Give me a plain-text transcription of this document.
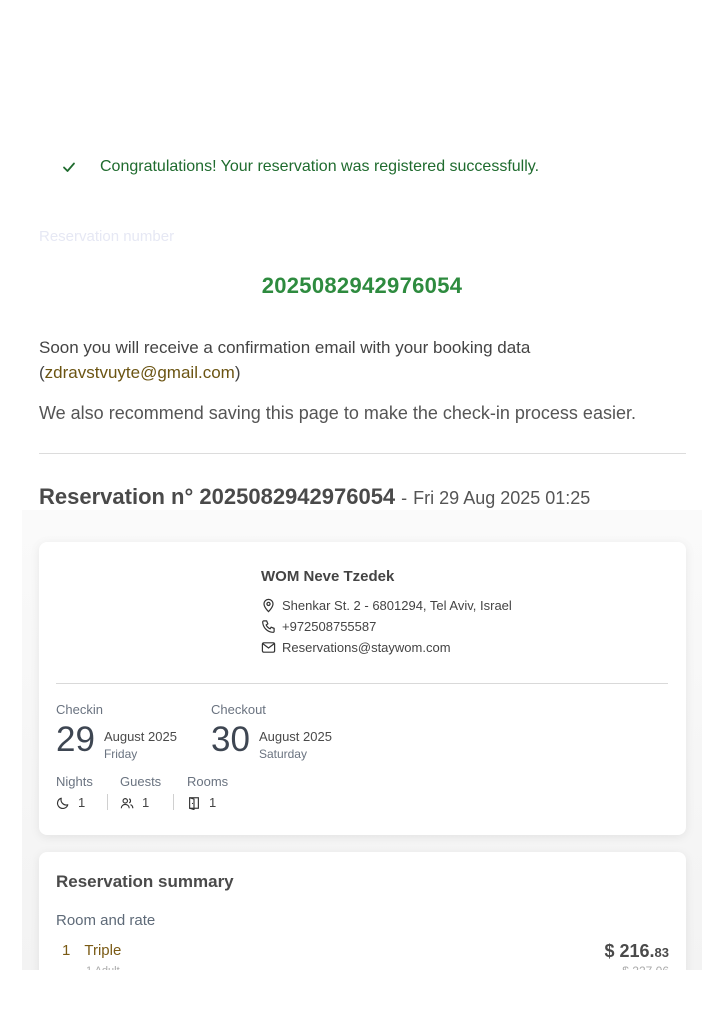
Congratulations! Your reservation was registered successfully.
Reservation number
2025082942976054
Soon you will receive a confirmation email with your booking data
(zdravstvuyte@gmail.com)
We also recommend saving this page to make the check-in process easier.
Reservation n° 2025082942976054 - Fri 29 Aug 2025 01:25
WOM Neve Tzedek
Shenkar St. 2 - 6801294, Tel Aviv, Israel
+972508755587
Reservations@staywom.com
Checkin
29 August 2025
Friday
Checkout
30 August 2025
Saturday
Nights
1
Guests
1
Rooms
1
Reservation summary
Room and rate
1 Triple	$ 216.83
